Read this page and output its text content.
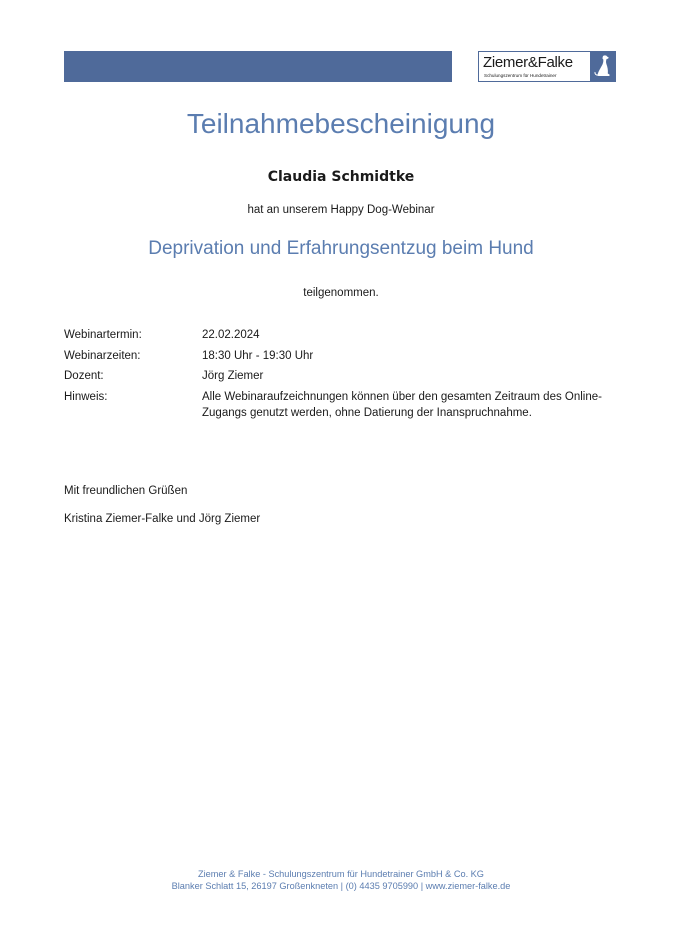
Ziemer&Falke
Schulungszentrum für Hundetrainer
Teilnahmebescheinigung
Claudia Schmidtke
hat an unserem Happy Dog-Webinar
Deprivation und Erfahrungsentzug beim Hund
teilgenommen.
Webinartermin:	22.02.2024
Webinarzeiten:	18:30 Uhr - 19:30 Uhr
Dozent:	Jörg Ziemer
Hinweis:	Alle Webinaraufzeichnungen können über den gesamten Zeitraum des Online-Zugangs genutzt werden, ohne Datierung der Inanspruchnahme.
Mit freundlichen Grüßen
Kristina Ziemer-Falke und Jörg Ziemer
Ziemer & Falke - Schulungszentrum für Hundetrainer GmbH & Co. KG
Blanker Schlatt 15, 26197 Großenkneten | (0) 4435 9705990 | www.ziemer-falke.de
